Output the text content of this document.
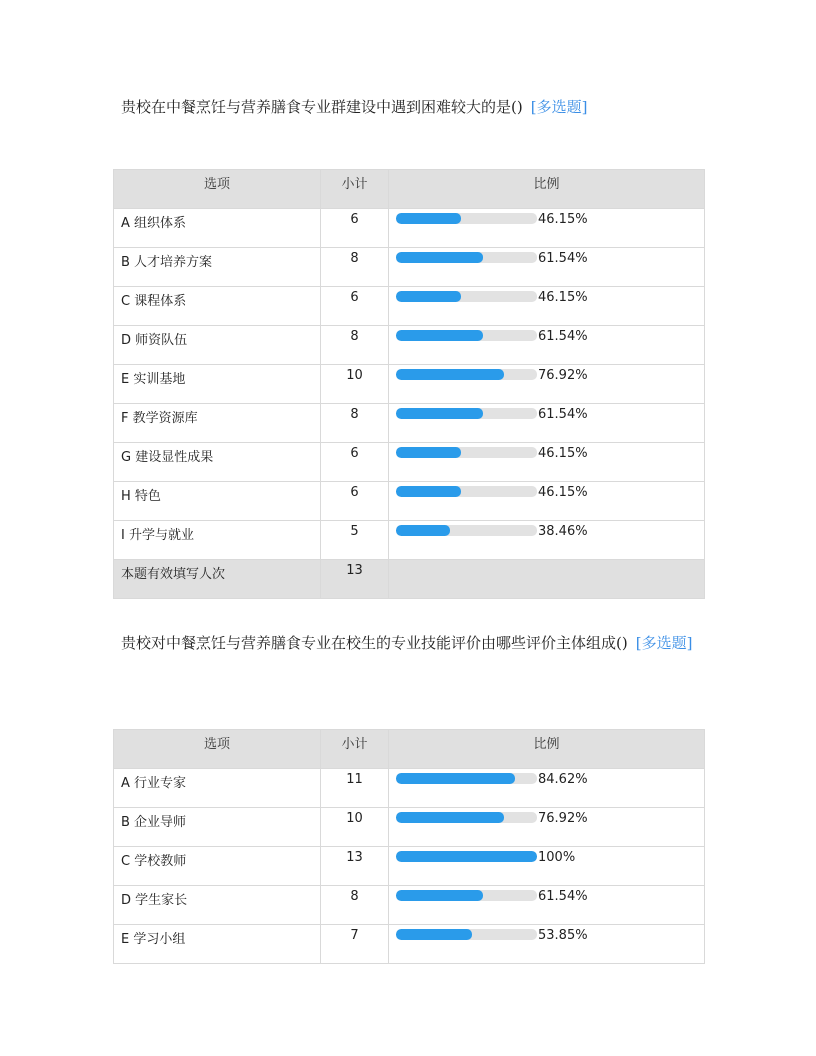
贵校在中餐烹饪与营养膳食专业群建设中遇到困难较大的是() [多选题]
选项	小计	比例
A 组织体系	6	46.15%

B 人才培养方案	8	61.54%

C 课程体系	6	46.15%

D 师资队伍	8	61.54%

E 实训基地	10	76.92%

F 教学资源库	8	61.54%

G 建设显性成果	6	46.15%

H 特色	6	46.15%

I 升学与就业	5	38.46%

本题有效填写人次	13	
贵校对中餐烹饪与营养膳食专业在校生的专业技能评价由哪些评价主体组成() [多选题]
选项	小计	比例
A 行业专家	11	84.62%

B 企业导师	10	76.92%

C 学校教师	13	100%

D 学生家长	8	61.54%

E 学习小组	7	53.85%
